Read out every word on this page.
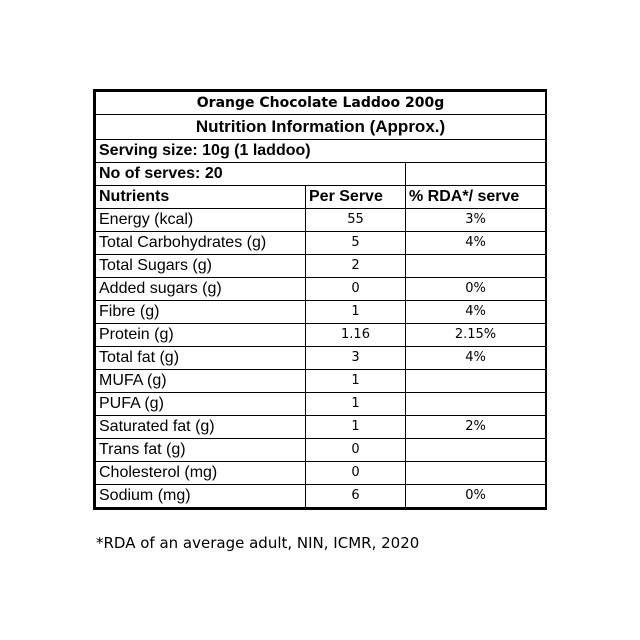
Orange Chocolate Laddoo 200g		
Nutrition Information (Approx.)		
Serving size: 10g (1 laddoo)		
No of serves: 20		
Nutrients	Per Serve	% RDA*/ serve
Energy (kcal)	55	3%
Total Carbohydrates (g)	5	4%
Total Sugars (g)	2	
Added sugars (g)	0	0%
Fibre (g)	1	4%
Protein (g)	1.16	2.15%
Total fat (g)	3	4%
MUFA (g)	1	
PUFA (g)	1	
Saturated fat (g)	1	2%
Trans fat (g)	0	
Cholesterol (mg)	0	
Sodium (mg)	6	0%
*RDA of an average adult, NIN, ICMR, 2020
